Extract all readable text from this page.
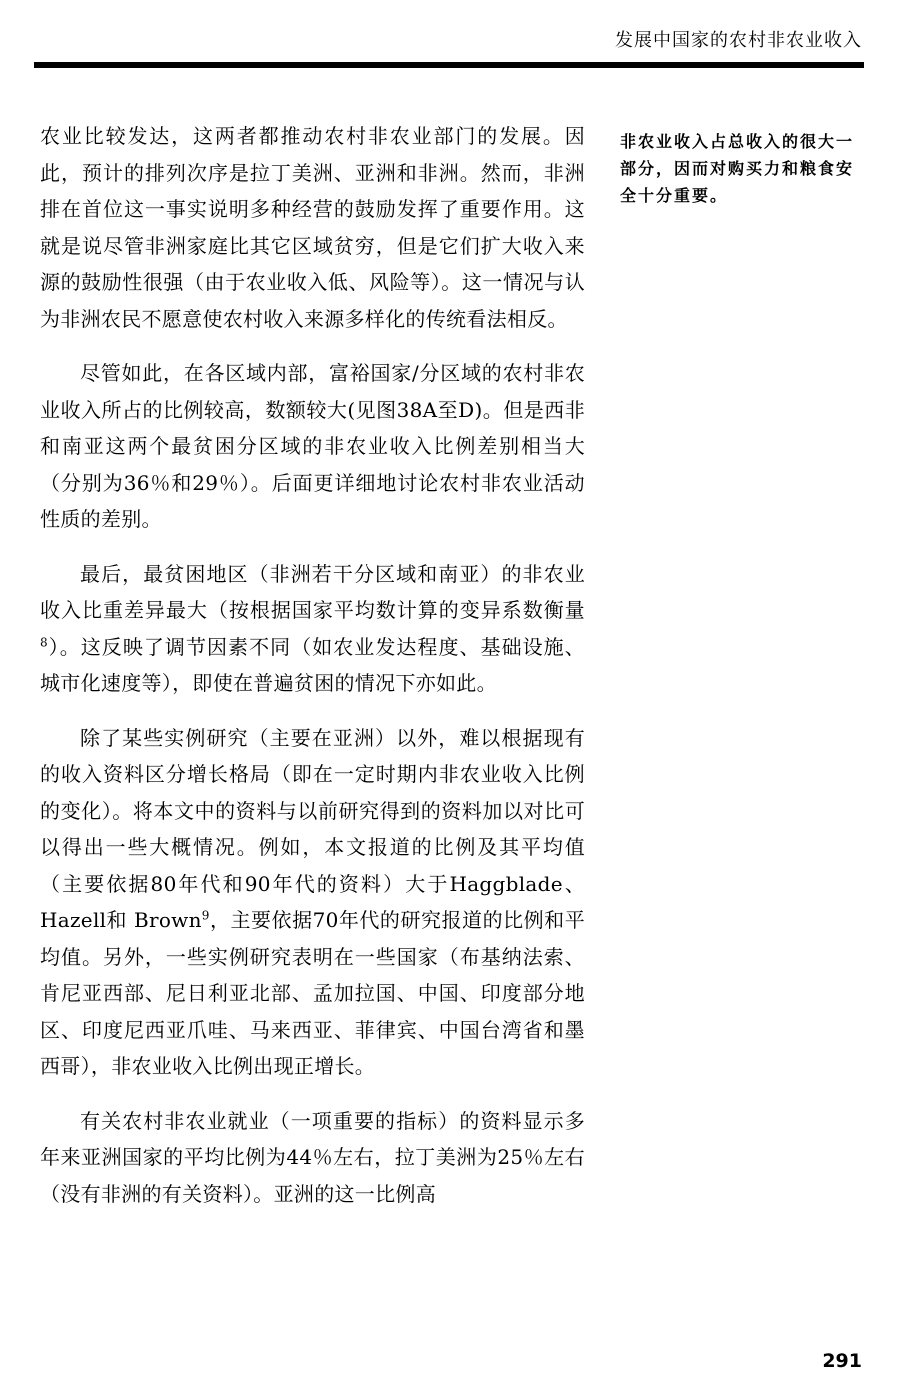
发展中国家的农村非农业收入

农业比较发达，这两者都推动农村非农业部门的发展。因此，预计的排列次序是拉丁美洲、亚洲和非洲。然而，非洲排在首位这一事实说明多种经营的鼓励发挥了重要作用。这就是说尽管非洲家庭比其它区域贫穷，但是它们扩大收入来源的鼓励性很强（由于农业收入低、风险等）。这一情况与认为非洲农民不愿意使农村收入来源多样化的传统看法相反。

尽管如此，在各区域内部，富裕国家/分区域的农村非农业收入所占的比例较高，数额较大(见图38A至D)。但是西非和南亚这两个最贫困分区域的非农业收入比例差别相当大（分别为36％和29％）。后面更详细地讨论农村非农业活动性质的差别。

最后，最贫困地区（非洲若干分区域和南亚）的非农业收入比重差异最大（按根据国家平均数计算的变异系数衡量$^8$）。这反映了调节因素不同（如农业发达程度、基础设施、城市化速度等），即使在普遍贫困的情况下亦如此。

除了某些实例研究（主要在亚洲）以外，难以根据现有的收入资料区分增长格局（即在一定时期内非农业收入比例的变化）。将本文中的资料与以前研究得到的资料加以对比可以得出一些大概情况。例如，本文报道的比例及其平均值（主要依据80年代和90年代的资料）大于Haggblade、Hazell和 Brown$^9$，主要依据70年代的研究报道的比例和平均值。另外，一些实例研究表明在一些国家（布基纳法索、肯尼亚西部、尼日利亚北部、孟加拉国、中国、印度部分地区、印度尼西亚爪哇、马来西亚、菲律宾、中国台湾省和墨西哥），非农业收入比例出现正增长。

有关农村非农业就业（一项重要的指标）的资料显示多年来亚洲国家的平均比例为44％左右，拉丁美洲为25％左右（没有非洲的有关资料）。亚洲的这一比例高

非农业收入占总收入的很大一部分，因而对购买力和粮食安全十分重要。
291
